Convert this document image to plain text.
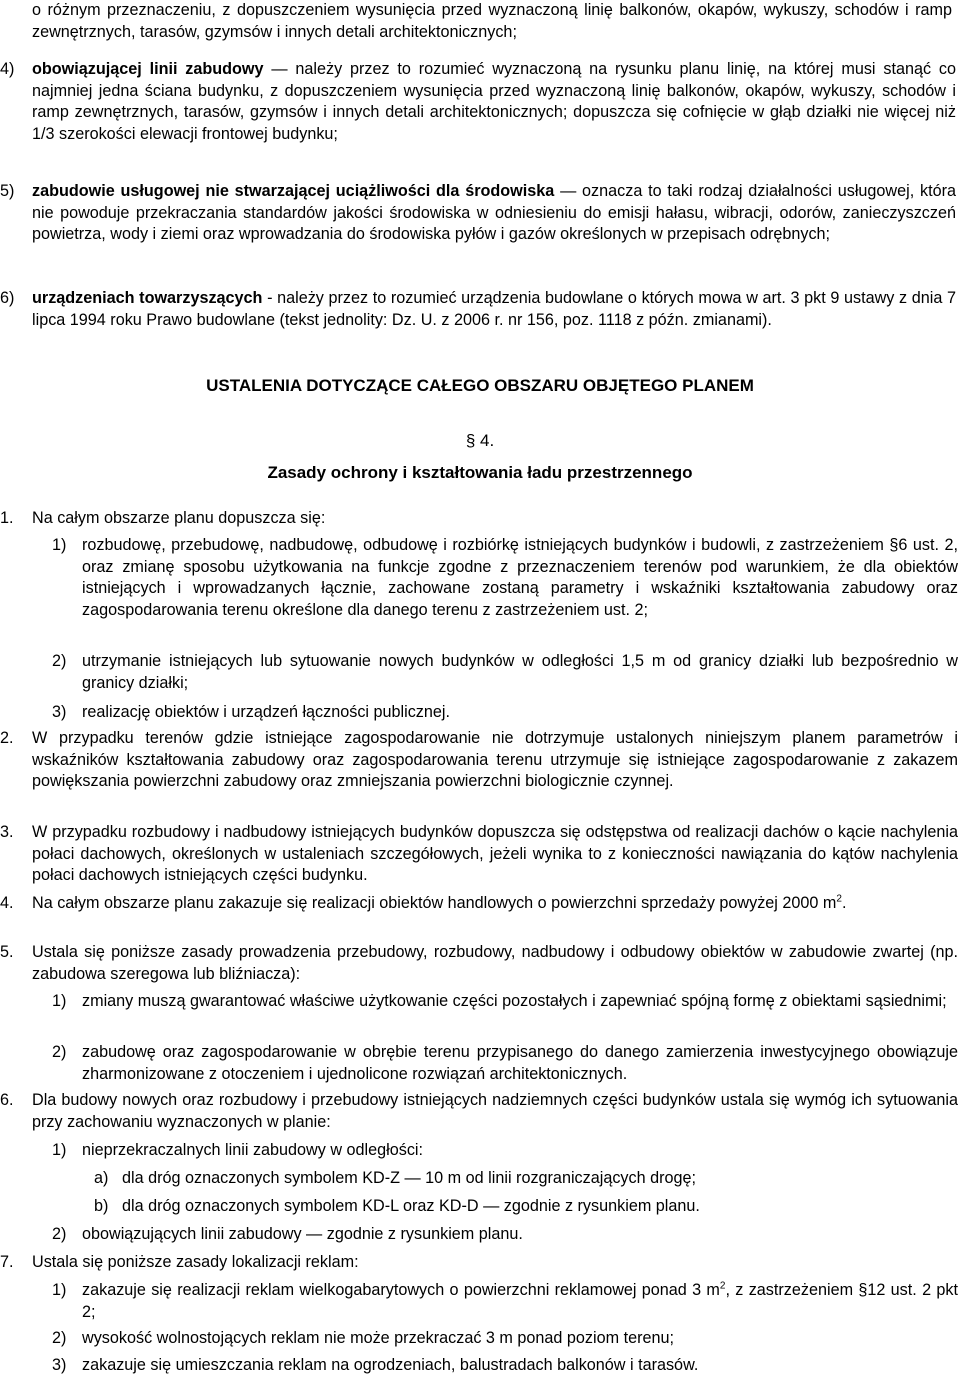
o różnym przeznaczeniu, z dopuszczeniem wysunięcia przed wyznaczoną linię balkonów, okapów, wykuszy, schodów i ramp zewnętrznych, tarasów, gzymsów i innych detali architektonicznych;
4) obowiązującej linii zabudowy — należy przez to rozumieć wyznaczoną na rysunku planu linię, na której musi stanąć co najmniej jedna ściana budynku, z dopuszczeniem wysunięcia przed wyznaczoną linię balkonów, okapów, wykuszy, schodów i ramp zewnętrznych, tarasów, gzymsów i innych detali architektonicznych; dopuszcza się cofnięcie w głąb działki nie więcej niż 1/3 szerokości elewacji frontowej budynku;
5) zabudowie usługowej nie stwarzającej uciążliwości dla środowiska — oznacza to taki rodzaj działalności usługowej, która nie powoduje przekraczania standardów jakości środowiska w odniesieniu do emisji hałasu, wibracji, odorów, zanieczyszczeń powietrza, wody i ziemi oraz wprowadzania do środowiska pyłów i gazów określonych w przepisach odrębnych;
6) urządzeniach towarzyszących - należy przez to rozumieć urządzenia budowlane o których mowa w art. 3 pkt 9 ustawy z dnia 7 lipca 1994 roku Prawo budowlane (tekst jednolity: Dz. U. z 2006 r. nr 156, poz. 1118 z późn. zmianami).
USTALENIA DOTYCZĄCE CAŁEGO OBSZARU OBJĘTEGO PLANEM
§ 4.
Zasady ochrony i kształtowania ładu przestrzennego
1. Na całym obszarze planu dopuszcza się:
1) rozbudowę, przebudowę, nadbudowę, odbudowę i rozbiórkę istniejących budynków i budowli, z zastrzeżeniem §6 ust. 2, oraz zmianę sposobu użytkowania na funkcje zgodne z przeznaczeniem terenów pod warunkiem, że dla obiektów istniejących i wprowadzanych łącznie, zachowane zostaną parametry i wskaźniki kształtowania zabudowy oraz zagospodarowania terenu określone dla danego terenu z zastrzeżeniem ust. 2;
2) utrzymanie istniejących lub sytuowanie nowych budynków w odległości 1,5 m od granicy działki lub bezpośrednio w granicy działki;
3) realizację obiektów i urządzeń łączności publicznej.
2. W przypadku terenów gdzie istniejące zagospodarowanie nie dotrzymuje ustalonych niniejszym planem parametrów i wskaźników kształtowania zabudowy oraz zagospodarowania terenu utrzymuje się istniejące zagospodarowanie z zakazem powiększania powierzchni zabudowy oraz zmniejszania powierzchni biologicznie czynnej.
3. W przypadku rozbudowy i nadbudowy istniejących budynków dopuszcza się odstępstwa od realizacji dachów o kącie nachylenia połaci dachowych, określonych w ustaleniach szczegółowych, jeżeli wynika to z konieczności nawiązania do kątów nachylenia połaci dachowych istniejących części budynku.
4. Na całym obszarze planu zakazuje się realizacji obiektów handlowych o powierzchni sprzedaży powyżej 2000 $m^2$.
5. Ustala się poniższe zasady prowadzenia przebudowy, rozbudowy, nadbudowy i odbudowy obiektów w zabudowie zwartej (np. zabudowa szeregowa lub bliźniacza):
1) zmiany muszą gwarantować właściwe użytkowanie części pozostałych i zapewniać spójną formę z obiektami sąsiednimi;
2) zabudowę oraz zagospodarowanie w obrębie terenu przypisanego do danego zamierzenia inwestycyjnego obowiązuje zharmonizowane z otoczeniem i ujednolicone rozwiązań architektonicznych.
6. Dla budowy nowych oraz rozbudowy i przebudowy istniejących nadziemnych części budynków ustala się wymóg ich sytuowania przy zachowaniu wyznaczonych w planie:
1) nieprzekraczalnych linii zabudowy w odległości:
a) dla dróg oznaczonych symbolem KD-Z — 10 m od linii rozgraniczających drogę;
b) dla dróg oznaczonych symbolem KD-L oraz KD-D — zgodnie z rysunkiem planu.
2) obowiązujących linii zabudowy — zgodnie z rysunkiem planu.
7. Ustala się poniższe zasady lokalizacji reklam:
1) zakazuje się realizacji reklam wielkogabarytowych o powierzchni reklamowej ponad 3 $m^2$, z zastrzeżeniem §12 ust. 2 pkt 2;
2) wysokość wolnostojących reklam nie może przekraczać 3 m ponad poziom terenu;
3) zakazuje się umieszczania reklam na ogrodzeniach, balustradach balkonów i tarasów.
